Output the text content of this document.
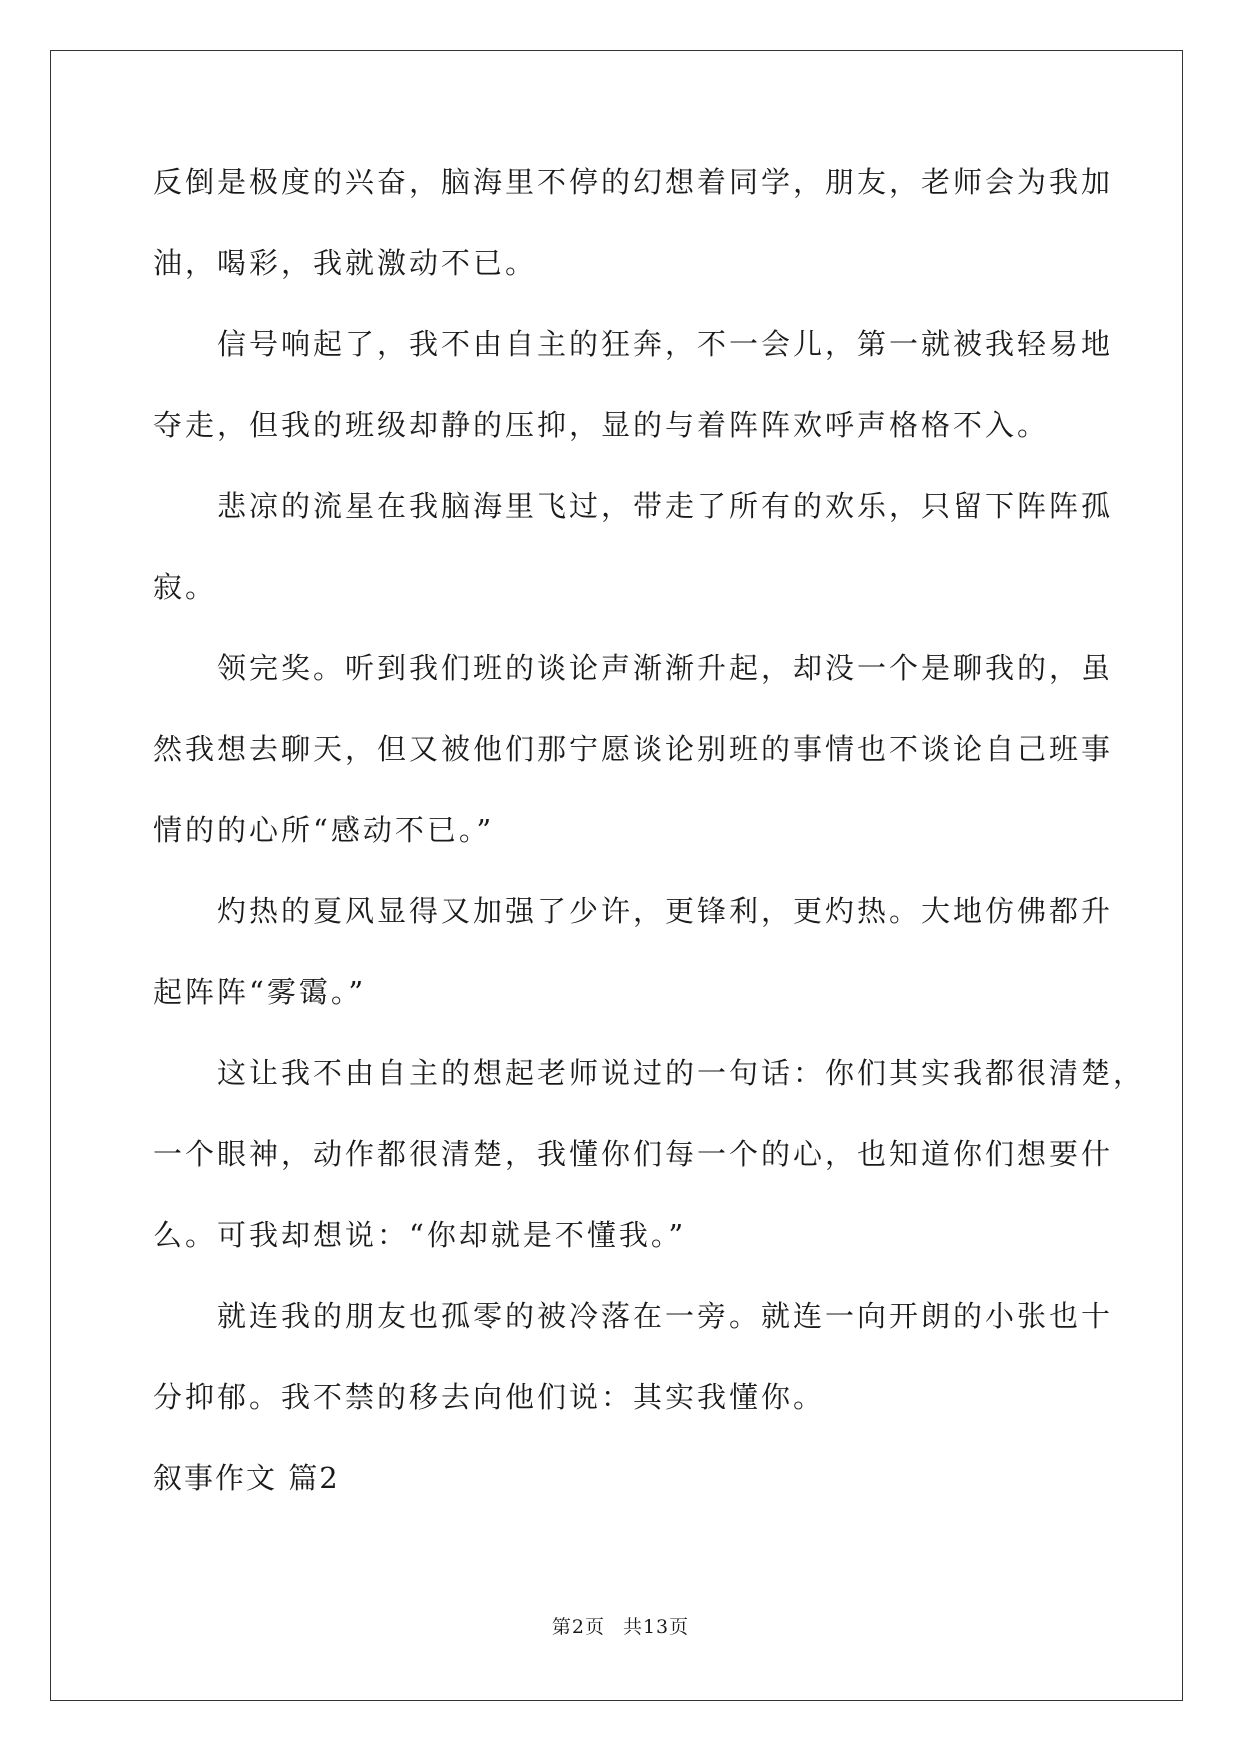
反倒是极度的兴奋，脑海里不停的幻想着同学，朋友，老师会为我加
油，喝彩，我就激动不已。
信号响起了，我不由自主的狂奔，不一会儿，第一就被我轻易地
夺走，但我的班级却静的压抑，显的与着阵阵欢呼声格格不入。
悲凉的流星在我脑海里飞过，带走了所有的欢乐，只留下阵阵孤
寂。
领完奖。听到我们班的谈论声渐渐升起，却没一个是聊我的，虽
然我想去聊天，但又被他们那宁愿谈论别班的事情也不谈论自己班事
情的的心所“感动不已。”
灼热的夏风显得又加强了少许，更锋利，更灼热。大地仿佛都升
起阵阵“雾霭。”
这让我不由自主的想起老师说过的一句话：你们其实我都很清楚，
一个眼神，动作都很清楚，我懂你们每一个的心，也知道你们想要什
么。可我却想说：“你却就是不懂我。”
就连我的朋友也孤零的被冷落在一旁。就连一向开朗的小张也十
分抑郁。我不禁的移去向他们说：其实我懂你。
叙事作文 篇2
第2页 共13页
